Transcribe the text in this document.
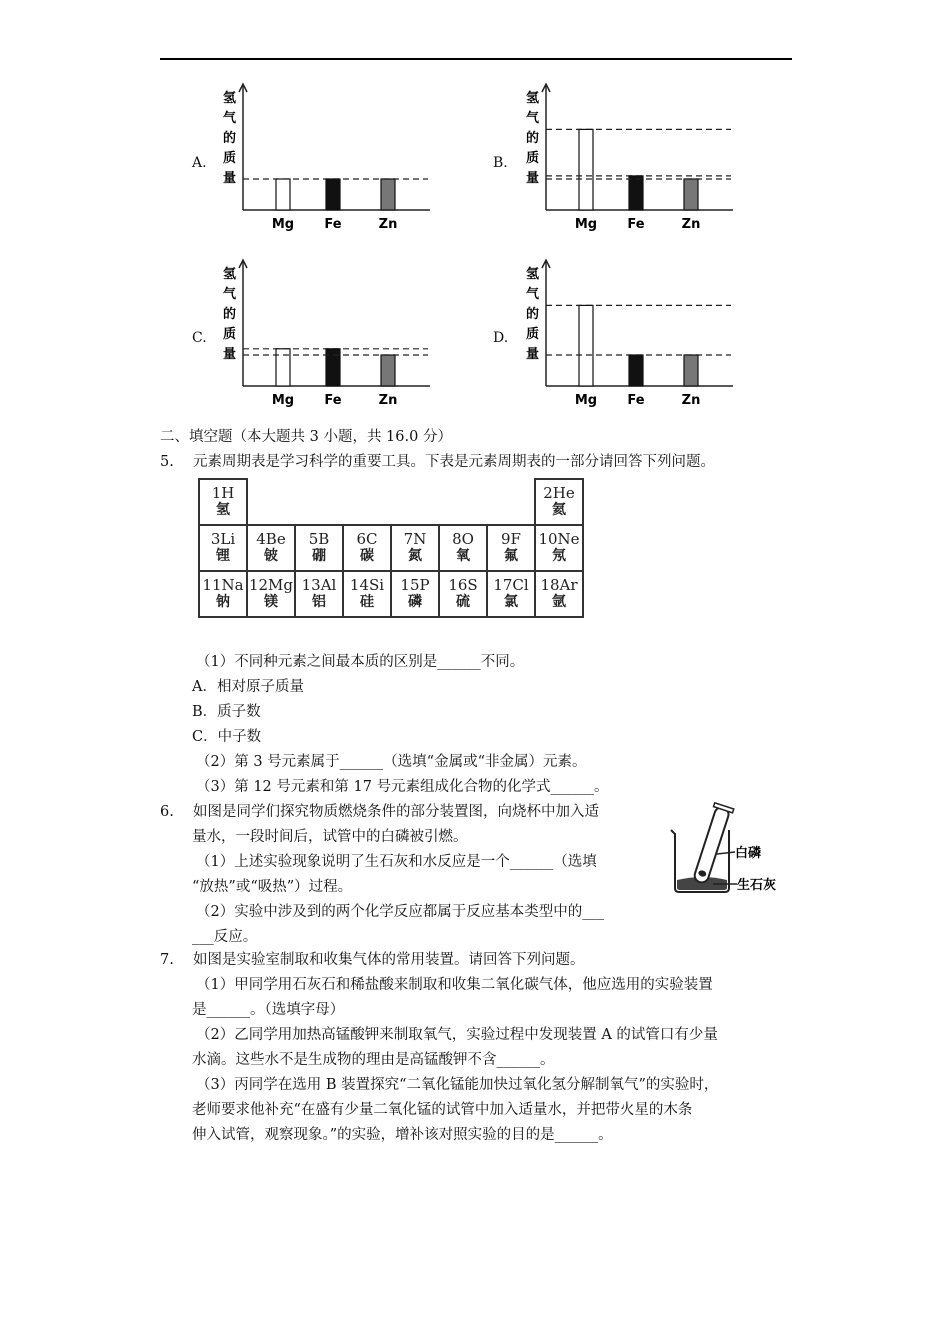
A.
氢
气
的
质
量
Mg Fe	Zn
B.
氢
气
的
质
量
Mg Fe	Zn
C.
氢
气
的
质
量
Mg Fe	Zn
D.
氢
气
的
质
量
Mg Fe	Zn
二、填空题（本大题共 3 小题，共 16.0 分）
5.　 元素周期表是学习科学的重要工具。下表是元素周期表的一部分请回答下列问题。
1H
氢							2He
氦

3Li
锂	4Be
铍	5B
硼	6C
碳	7N
氮	8O
氧	9F
氟	10Ne
氖

11Na
钠	12Mg
镁	13Al
铝	14Si
硅	15P
磷	16S
硫	17Cl
氯	18Ar
氩
（1）不同种元素之间最本质的区别是______不同。
A．相对原子质量
B．质子数
C．中子数
（2）第 3 号元素属于______（选填“金属或“非金属）元素。
（3）第 12 号元素和第 17 号元素组成化合物的化学式______。
6.　 如图是同学们探究物质燃烧条件的部分装置图，向烧杯中加入适
量水，一段时间后，试管中的白磷被引燃。
（1）上述实验现象说明了生石灰和水反应是一个______（选填
“放热”或“吸热”）过程。
（2）实验中涉及到的两个化学反应都属于反应基本类型中的___
___反应。
白磷
生石灰
7.　 如图是实验室制取和收集气体的常用装置。请回答下列问题。
（1）甲同学用石灰石和稀盐酸来制取和收集二氧化碳气体，他应选用的实验装置
是______。（选填字母）
（2）乙同学用加热高锰酸钾来制取氧气，实验过程中发现装置 A 的试管口有少量
水滴。这些水不是生成物的理由是高锰酸钾不含______。
（3）丙同学在选用 B 装置探究“二氧化锰能加快过氧化氢分解制氧气”的实验时，
老师要求他补充“在盛有少量二氧化锰的试管中加入适量水，并把带火星的木条
伸入试管，观察现象。”的实验，增补该对照实验的目的是______。
